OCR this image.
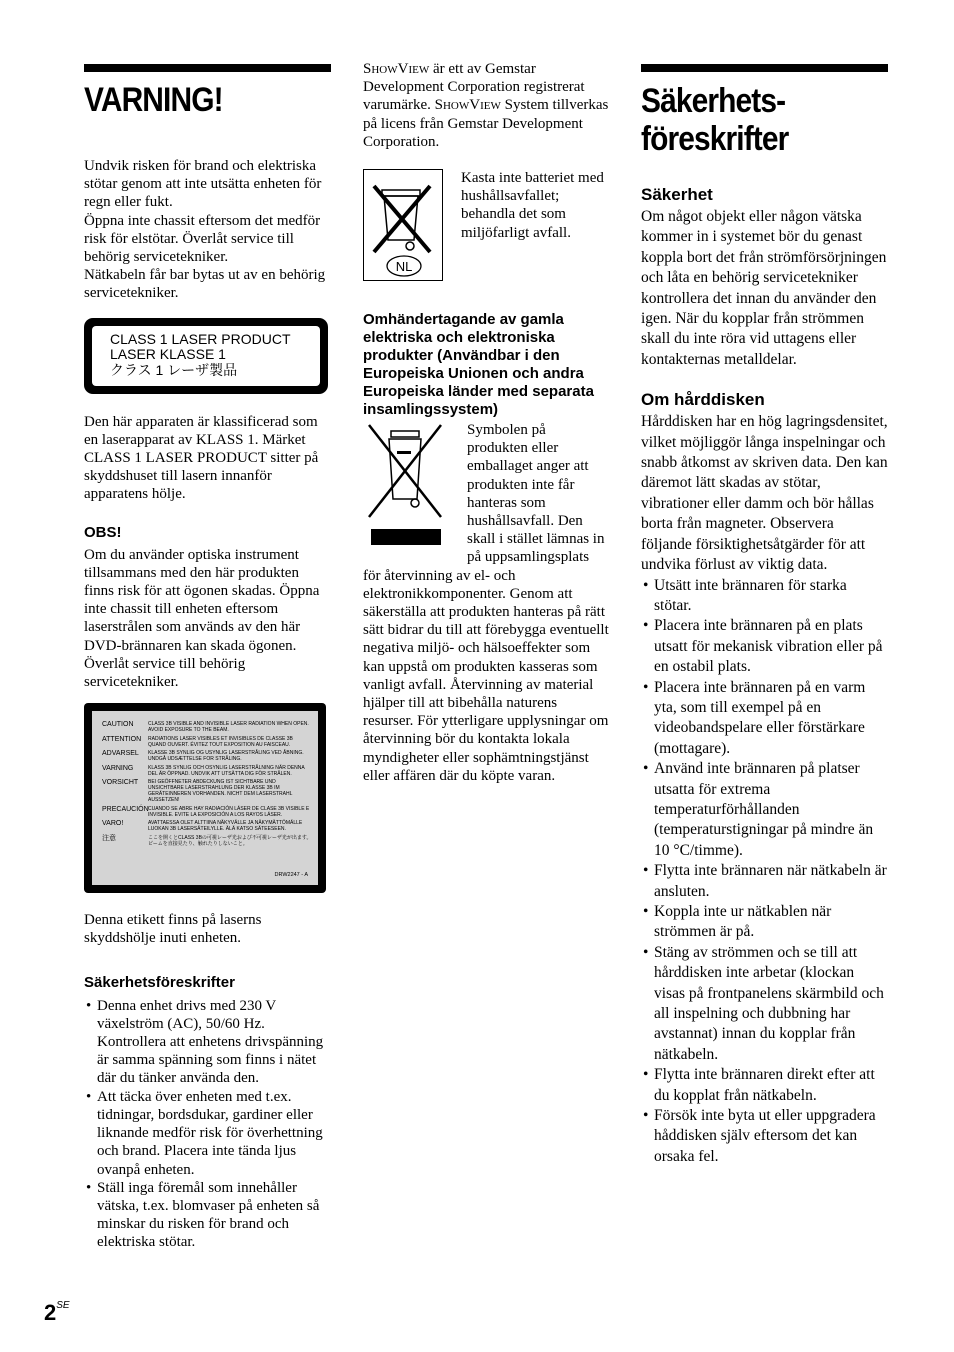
VARNING!

Undvik risken för brand och elektriska stötar genom att inte utsätta enheten för regn eller fukt.

Öppna inte chassit eftersom det medför risk för elstötar. Överlåt service till behörig servicetekniker.

Nätkabeln får bar bytas ut av en behörig servicetekniker.

CLASS 1 LASER PRODUCT
LASER KLASSE 1
クラス 1 レーザ製品

Den här apparaten är klassificerad som en laserapparat av KLASS 1. Märket CLASS 1 LASER PRODUCT sitter på skyddshuset till lasern innanför apparatens hölje.

OBS!

Om du använder optiska instrument tillsammans med den här produkten finns risk för att ögonen skadas. Öppna inte chassit till enheten eftersom laserstrålen som används av den här DVD-brännaren kan skada ögonen. Överlåt service till behörig servicetekniker.

CAUTION	CLASS 3B VISIBLE AND INVISIBLE LASER RADIATION WHEN OPEN. AVOID EXPOSURE TO THE BEAM.
ATTENTION	RADIATIONS LASER VISIBLES ET INVISIBLES DE CLASSE 3B QUAND OUVERT. ÉVITEZ TOUT EXPOSITION AU FAISCEAU.
ADVARSEL	KLASSE 3B SYNLIG OG USYNLIG LASERSTRÅLING VED ÅBNING. UNDGÅ UDSÆTTELSE FOR STRÅLING.
VARNING	KLASS 3B SYNLIG OCH OSYNLIG LASERSTRÅLNING NÄR DENNA DEL ÄR ÖPPNAD. UNDVIK ATT UTSÄTTA DIG FÖR STRÅLEN.
VORSICHT	BEI GEÖFFNETER ABDECKUNG IST SICHTBARE UND UNSICHTBARE LASERSTRAHLUNG DER KLASSE 3B IM GERÄTEINNEREN VORHANDEN. NICHT DEM LASERSTRAHL AUSSETZEN!
PRECAUCIÓN CUANDO SE ABRE HAY RADIACIÓN LÁSER DE CLASE 3B VISIBLE E INVISIBLE. EVITE LA EXPOSICIÓN A LOS RAYOS LÁSER.
VARO!	AVATTAESSA OLET ALTTIINA NÄKYVÄLLE JA NÄKYMÄTTÖMÄLLE LUOKAN 3B LASERSÄTEILYLLE. ÄLÄ KATSO SÄTEESEEN.
注意	ここを開くとCLASS 3Bの可視レーザ光および不可視レーザ光が出ます。ビームを直接見たり、触れたりしないこと。
DRW2247 - A

Denna etikett finns på laserns skyddshölje inuti enheten.

Säkerhetsföreskrifter
• Denna enhet drivs med 230 V växelström (AC), 50/60 Hz. Kontrollera att enhetens drivspänning är samma spänning som finns i nätet där du tänker använda den.
• Att täcka över enheten med t.ex. tidningar, bordsdukar, gardiner eller liknande medför risk för överhettning och brand. Placera inte tända ljus ovanpå enheten.
• Ställ inga föremål som innehåller vätska, t.ex. blomvaser på enheten så minskar du risken för brand och elektriska stötar.

ShowView är ett av Gemstar Development Corporation registrerat varumärke. ShowView System tillverkas på licens från Gemstar Development Corporation.

NL

Kasta inte batteriet med hushållsavfallet; behandla det som miljöfarligt avfall.

Omhändertagande av gamla elektriska och elektroniska produkter (Användbar i den Europeiska Unionen och andra Europeiska länder med separata insamlingssystem)

Symbolen på produkten eller emballaget anger att produkten inte får hanteras som hushållsavfall. Den skall i stället lämnas in på uppsamlingsplats för återvinning av el- och elektronikkomponenter. Genom att säkerställa att produkten hanteras på rätt sätt bidrar du till att förebygga eventuellt negativa miljö- och hälsoeffekter som kan uppstå om produkten kasseras som vanligt avfall. Återvinning av material hjälper till att bibehålla naturens resurser. För ytterligare upplysningar om återvinning bör du kontakta lokala myndigheter eller sophämtningstjänst eller affären där du köpte varan.

Säkerhets-
föreskrifter
Säkerhet

Om något objekt eller någon vätska kommer in i systemet bör du genast koppla bort det från strömförsörjningen och låta en behörig servicetekniker kontrollera det innan du använder den igen. När du kopplar från strömmen skall du inte röra vid uttagens eller kontakternas metalldelar.

Om hårddisken

Hårddisken har en hög lagringsdensitet, vilket möjliggör långa inspelningar och snabb åtkomst av skriven data. Den kan däremot lätt skadas av stötar, vibrationer eller damm och bör hållas borta från magneter. Observera följande försiktighetsåtgärder för att undvika förlust av viktig data.

• Utsätt inte brännaren för starka stötar.
• Placera inte brännaren på en plats utsatt för mekanisk vibration eller på en ostabil plats.
• Placera inte brännaren på en varm yta, som till exempel på en videobandspelare eller förstärkare (mottagare).
• Använd inte brännaren på platser utsatta för extrema temperaturförhållanden (temperaturstigningar på mindre än 10 °C/timme).
• Flytta inte brännaren när nätkabeln är ansluten.
• Koppla inte ur nätkablen när strömmen är på.
• Stäng av strömmen och se till att hårddisken inte arbetar (klockan visas på frontpanelens skärmbild och all inspelning och dubbning har avstannat) innan du kopplar från nätkabeln.
• Flytta inte brännaren direkt efter att du kopplat från nätkabeln.
• Försök inte byta ut eller uppgradera håddisken själv eftersom det kan orsaka fel.
$2^{SE}$
